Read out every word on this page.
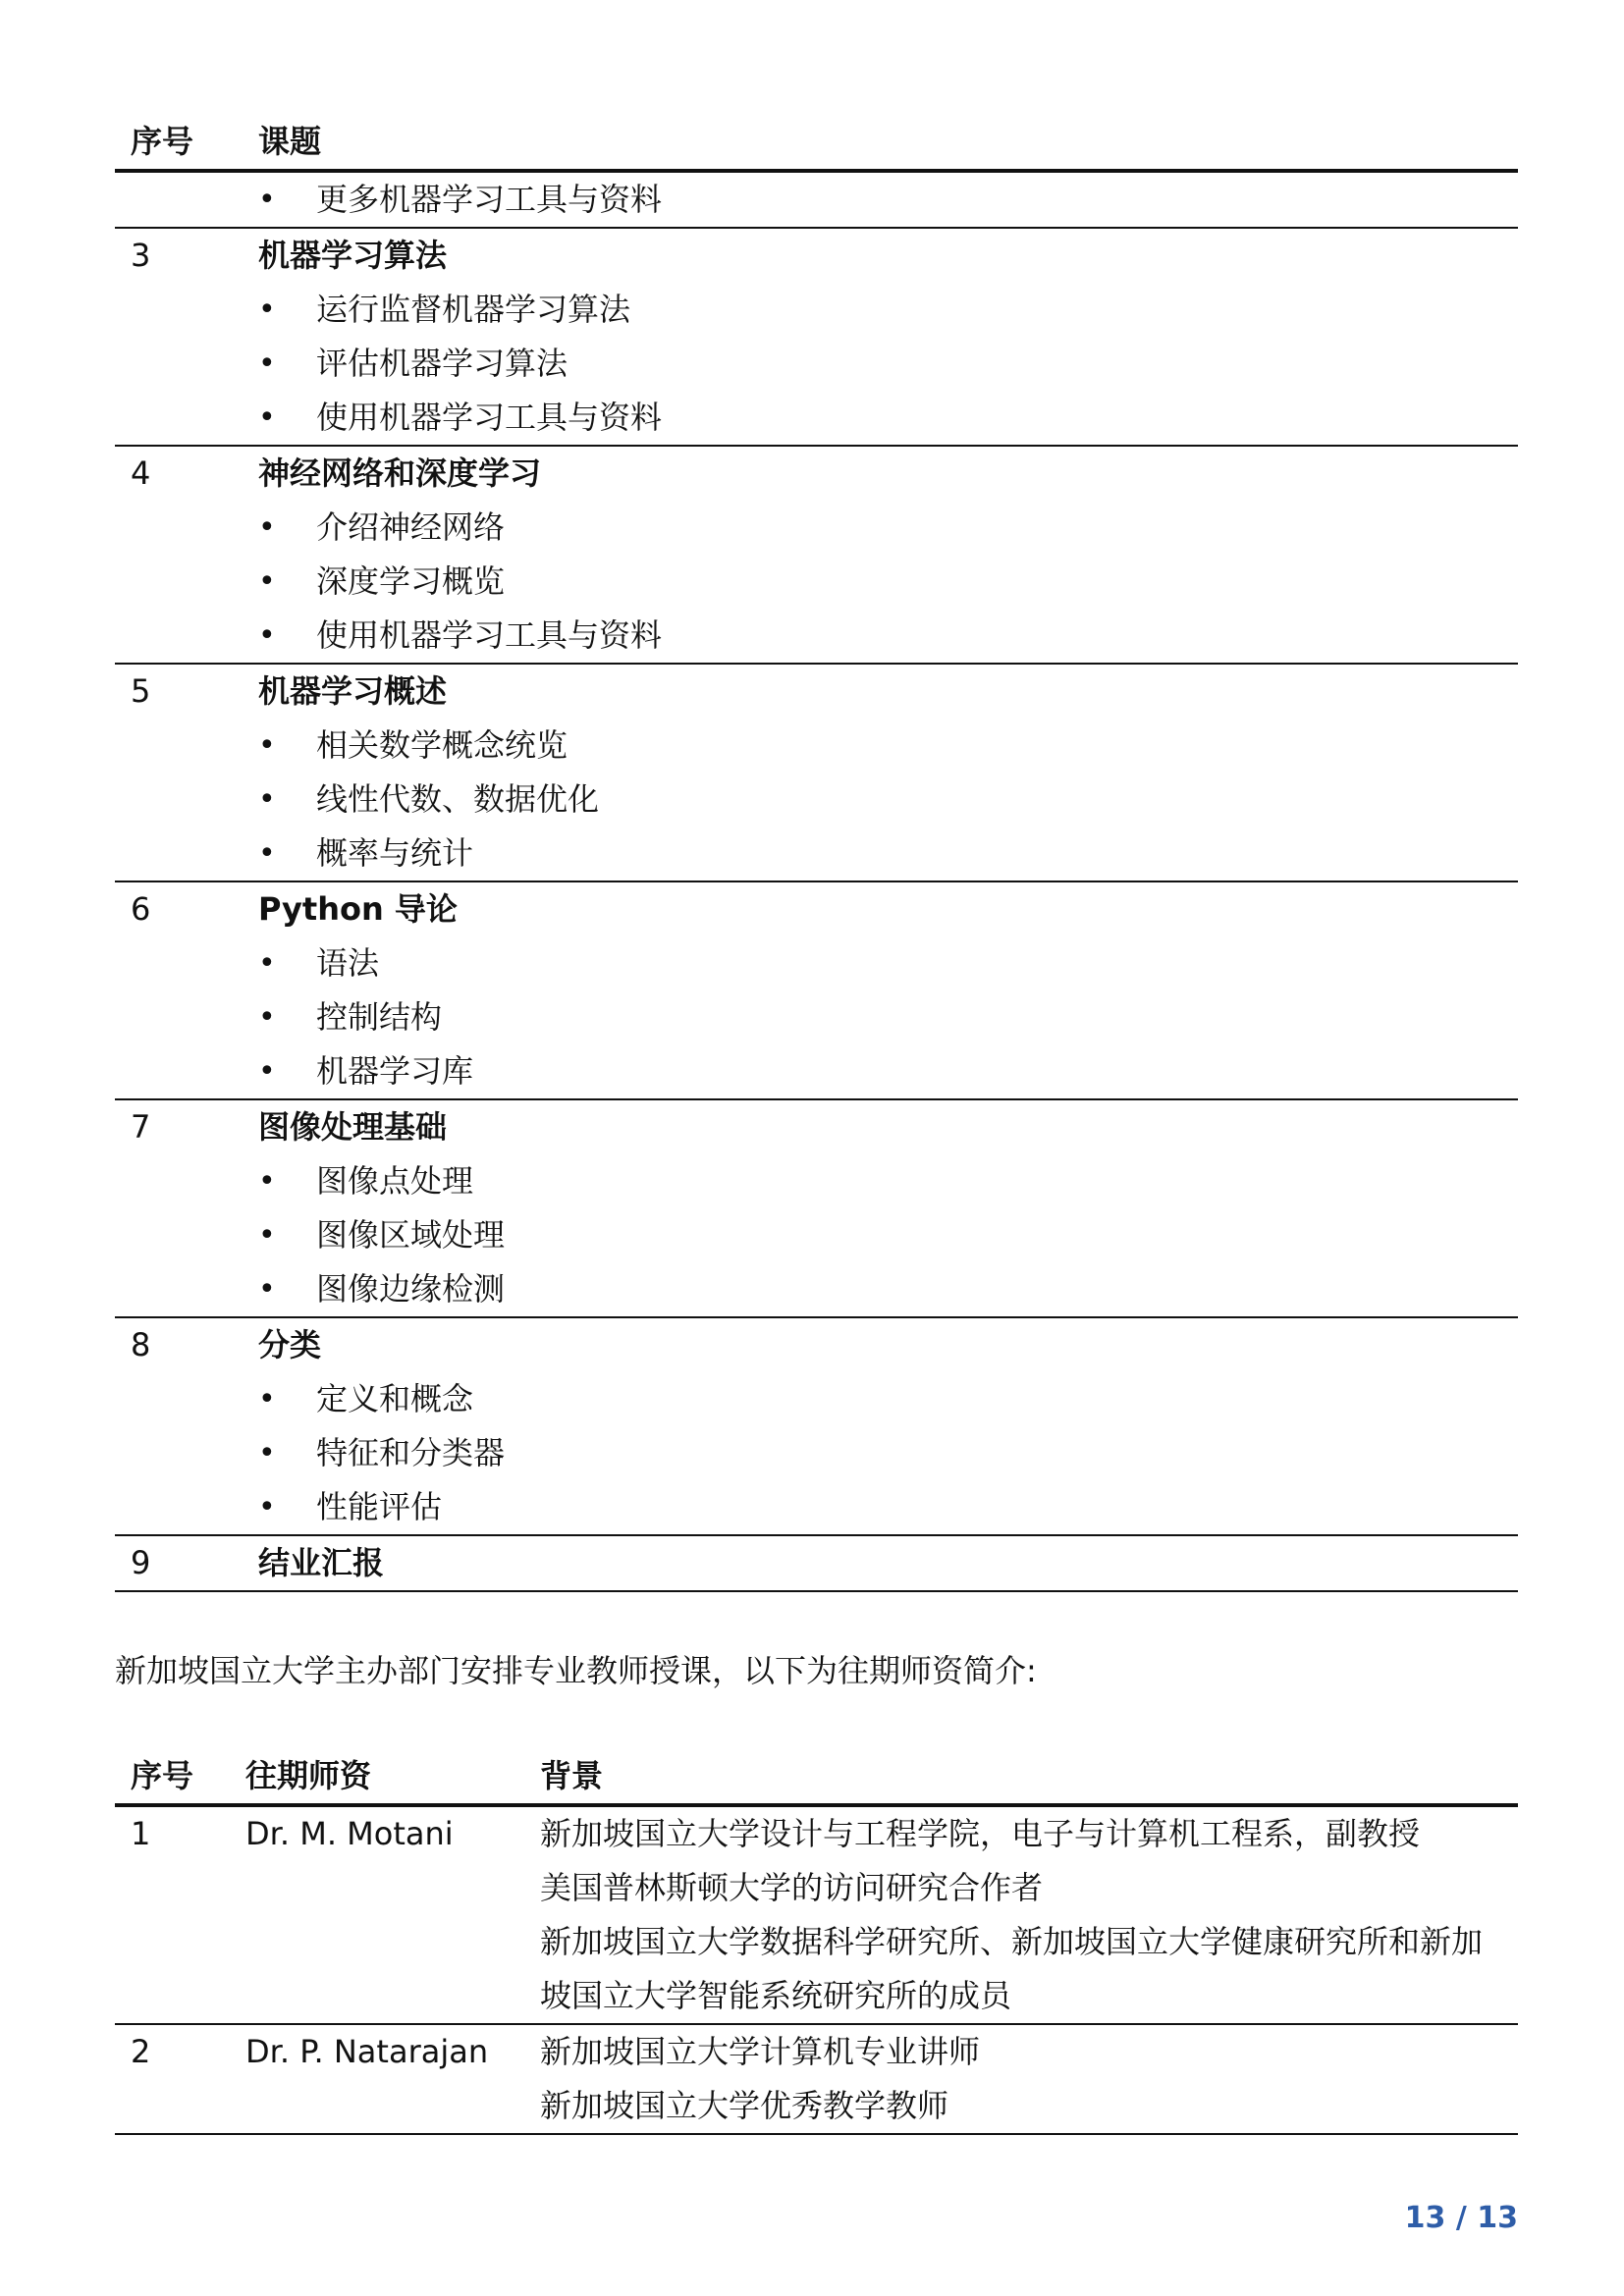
序号 课题
• 更多机器学习工具与资料
3	机器学习算法
• 运行监督机器学习算法
• 评估机器学习算法
• 使用机器学习工具与资料
4	神经网络和深度学习
• 介绍神经网络
• 深度学习概览
• 使用机器学习工具与资料
5	机器学习概述
• 相关数学概念统览
• 线性代数、数据优化
• 概率与统计
6	Python 导论
• 语法
• 控制结构
• 机器学习库
7	图像处理基础
• 图像点处理
• 图像区域处理
• 图像边缘检测
8	分类
• 定义和概念
• 特征和分类器
• 性能评估
9	结业汇报
新加坡国立大学主办部门安排专业教师授课，以下为往期师资简介:
序号 往期师资	背景
1	Dr. M. Motani	新加坡国立大学设计与工程学院，电子与计算机工程系，副教授
美国普林斯顿大学的访问研究合作者
新加坡国立大学数据科学研究所、新加坡国立大学健康研究所和新加
坡国立大学智能系统研究所的成员
2	Dr. P. Natarajan 新加坡国立大学计算机专业讲师
新加坡国立大学优秀教学教师
13 / 13
